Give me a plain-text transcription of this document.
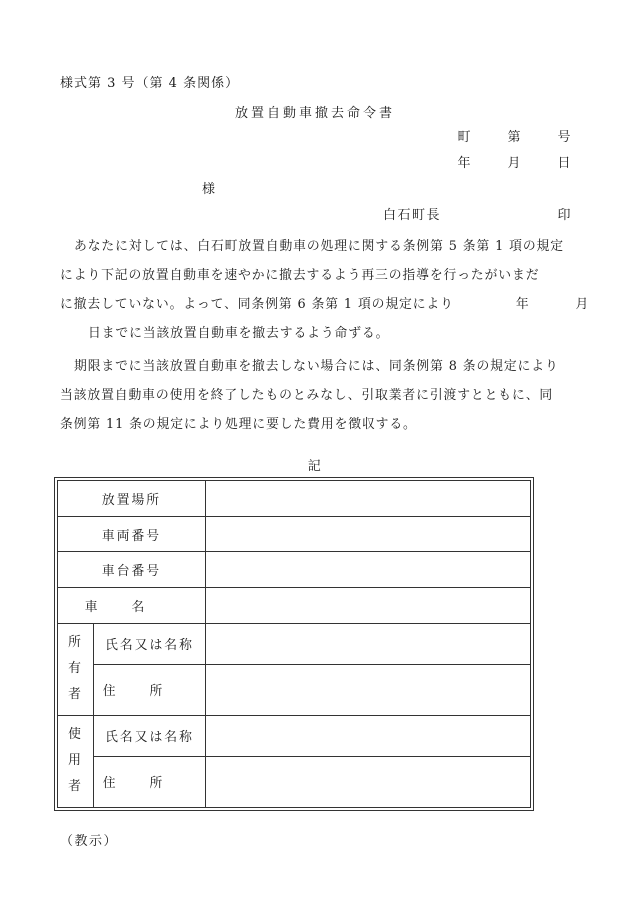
様式第 3 号（第 4 条関係）
放置自動車撤去命令書
町	第	号
年	月	日
様
白石町長	印

あなたに対しては、白石町放置自動車の処理に関する条例第 5 条第 1 項の規定

により下記の放置自動車を速やかに撤去するよう再三の指導を行ったがいまだ

に撤去していない。よって、同条例第 6 条第 1 項の規定により	年	月

日までに当該放置自動車を撤去するよう命ずる。

期限までに当該放置自動車を撤去しない場合には、同条例第 8 条の規定により

当該放置自動車の使用を終了したものとみなし、引取業者に引渡すとともに、同

条例第 11 条の規定により処理に要した費用を徴収する。

記
放置場所		
車両番号		
車台番号		
車名		

所
有
者	氏名又は名称	
	住所	

使
用
者	氏名又は名称	
	住所	
（教示）
